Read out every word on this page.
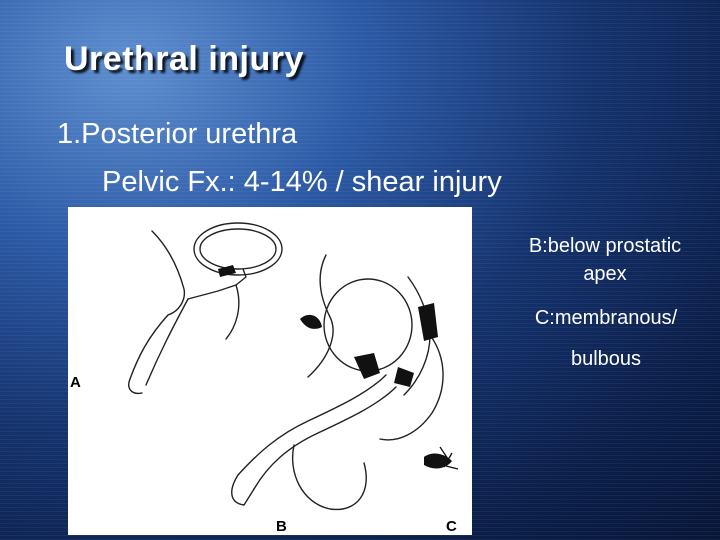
Urethral injury
1.Posterior urethra
Pelvic Fx.: 4-14% / shear injury
A
B	C
B:below prostatic
apex
C:membranous/
bulbous
